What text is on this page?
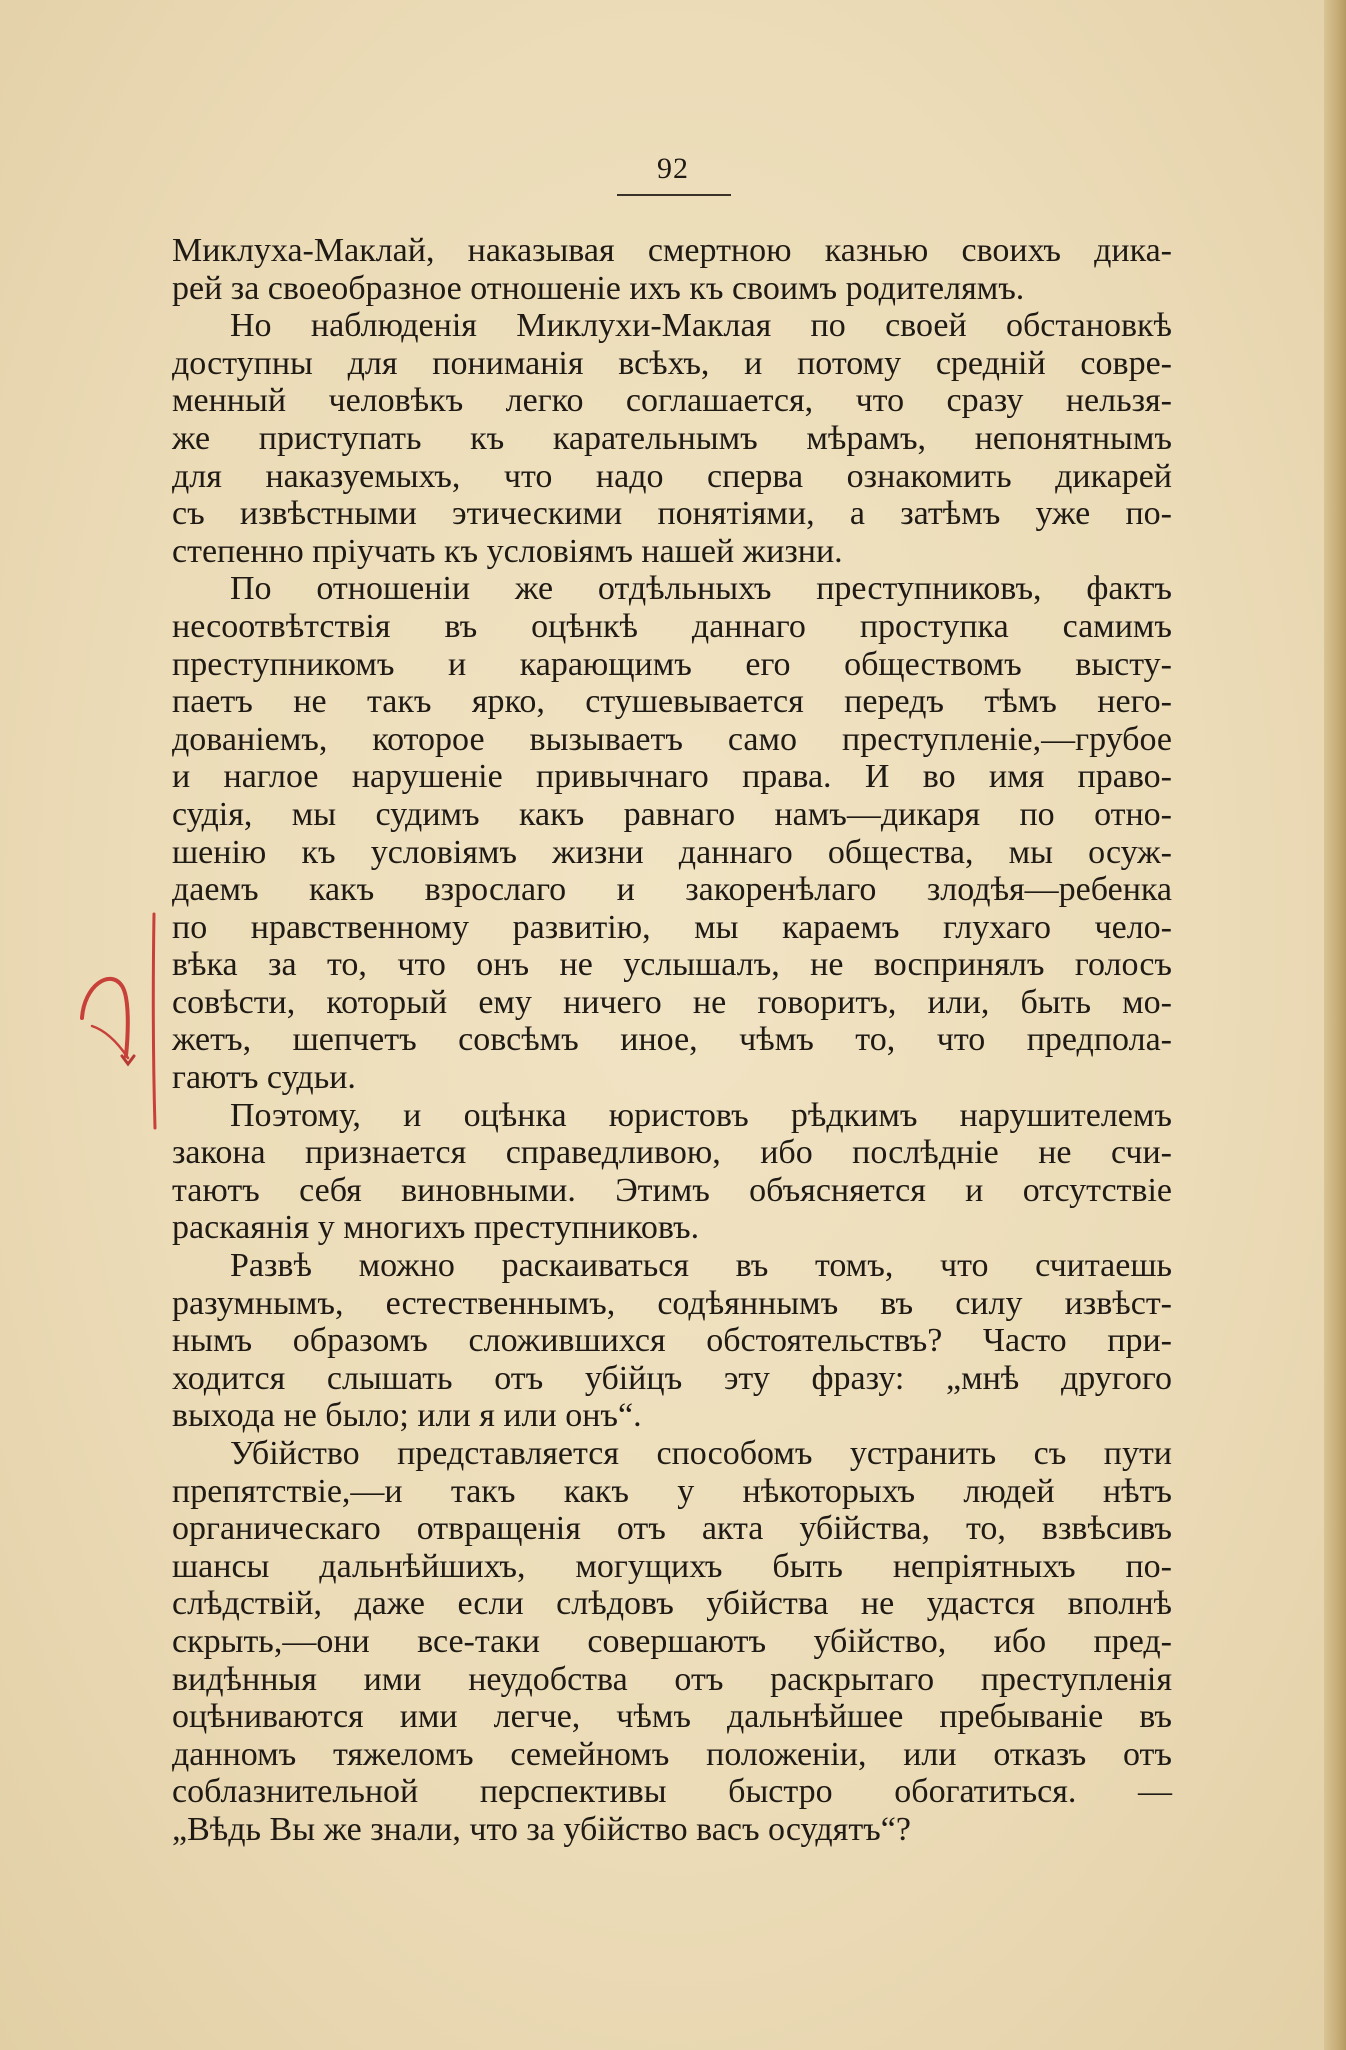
92
Миклуха-Маклай, наказывая смертною казнью своихъ дика-
рей за своеобразное отношеніе ихъ къ своимъ родителямъ.
Но наблюденія Миклухи-Маклая по своей обстановкѣ
доступны для пониманія всѣхъ, и потому средній совре-
менный человѣкъ легко соглашается, что сразу нельзя-
же приступать къ карательнымъ мѣрамъ, непонятнымъ
для наказуемыхъ, что надо сперва ознакомить дикарей
съ извѣстными этическими понятіями, а затѣмъ уже по-
степенно пріучать къ условіямъ нашей жизни.
По отношеніи же отдѣльныхъ преступниковъ, фактъ
несоотвѣтствія въ оцѣнкѣ даннаго проступка самимъ
преступникомъ и карающимъ его обществомъ высту-
паетъ не такъ ярко, стушевывается передъ тѣмъ него-
дованіемъ, которое вызываетъ само преступленіе,—грубое
и наглое нарушеніе привычнаго права. И во имя право-
судія, мы судимъ какъ равнаго намъ—дикаря по отно-
шенію къ условіямъ жизни даннаго общества, мы осуж-
даемъ какъ взрослаго и закоренѣлаго злодѣя—ребенка
по нравственному развитію, мы караемъ глухаго чело-
вѣка за то, что онъ не услышалъ, не воспринялъ голосъ
совѣсти, который ему ничего не говоритъ, или, быть мо-
жетъ, шепчетъ совсѣмъ иное, чѣмъ то, что предпола-
гаютъ судьи.
Поэтому, и оцѣнка юристовъ рѣдкимъ нарушителемъ
закона признается справедливою, ибо послѣдніе не счи-
таютъ себя виновными. Этимъ объясняется и отсутствіе
раскаянія у многихъ преступниковъ.
Развѣ можно раскаиваться въ томъ, что считаешь
разумнымъ, естественнымъ, содѣяннымъ въ силу извѣст-
нымъ образомъ сложившихся обстоятельствъ? Часто при-
ходится слышать отъ убійцъ эту фразу: „мнѣ другого
выхода не было; или я или онъ“.
Убійство представляется способомъ устранить съ пути
препятствіе,—и такъ какъ у нѣкоторыхъ людей нѣтъ
органическаго отвращенія отъ акта убійства, то, взвѣсивъ
шансы дальнѣйшихъ, могущихъ быть непріятныхъ по-
слѣдствій, даже если слѣдовъ убійства не удастся вполнѣ
скрыть,—они все-таки совершаютъ убійство, ибо пред-
видѣнныя ими неудобства отъ раскрытаго преступленія
оцѣниваются ими легче, чѣмъ дальнѣйшее пребываніе въ
данномъ тяжеломъ семейномъ положеніи, или отказъ отъ
соблазнительной перспективы быстро обогатиться. —
„Вѣдь Вы же знали, что за убійство васъ осудятъ“?
